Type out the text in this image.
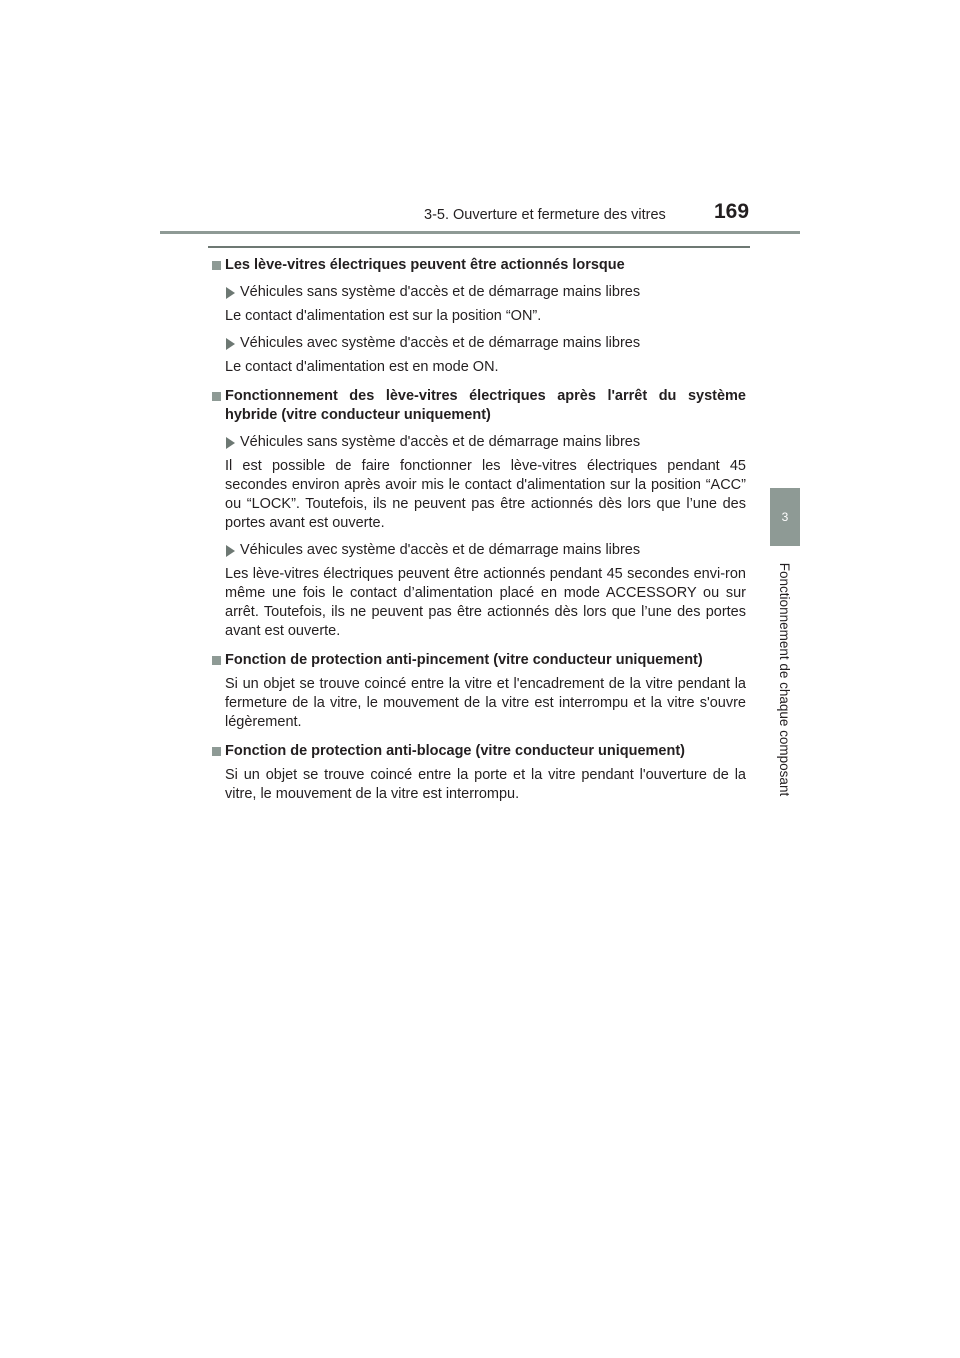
3-5. Ouverture et fermeture des vitres 169
3
Fonctionnement de chaque composant
Les lève-vitres électriques peuvent être actionnés lorsque
Véhicules sans système d'accès et de démarrage mains libres
Le contact d'alimentation est sur la position “ON”.
Véhicules avec système d'accès et de démarrage mains libres
Le contact d'alimentation est en mode ON.
Fonctionnement des lève-vitres électriques après l'arrêt du système hybride (vitre conducteur uniquement)
Véhicules sans système d'accès et de démarrage mains libres
Il est possible de faire fonctionner les lève-vitres électriques pendant 45 secondes environ après avoir mis le contact d'alimentation sur la position “ACC” ou “LOCK”. Toutefois, ils ne peuvent pas être actionnés dès lors que l’une des portes avant est ouverte.
Véhicules avec système d'accès et de démarrage mains libres
Les lève-vitres électriques peuvent être actionnés pendant 45 secondes envi-ron même une fois le contact d’alimentation placé en mode ACCESSORY ou sur arrêt. Toutefois, ils ne peuvent pas être actionnés dès lors que l’une des portes avant est ouverte.
Fonction de protection anti-pincement (vitre conducteur uniquement)
Si un objet se trouve coincé entre la vitre et l'encadrement de la vitre pendant la fermeture de la vitre, le mouvement de la vitre est interrompu et la vitre s'ouvre légèrement.
Fonction de protection anti-blocage (vitre conducteur uniquement)
Si un objet se trouve coincé entre la porte et la vitre pendant l'ouverture de la vitre, le mouvement de la vitre est interrompu.
